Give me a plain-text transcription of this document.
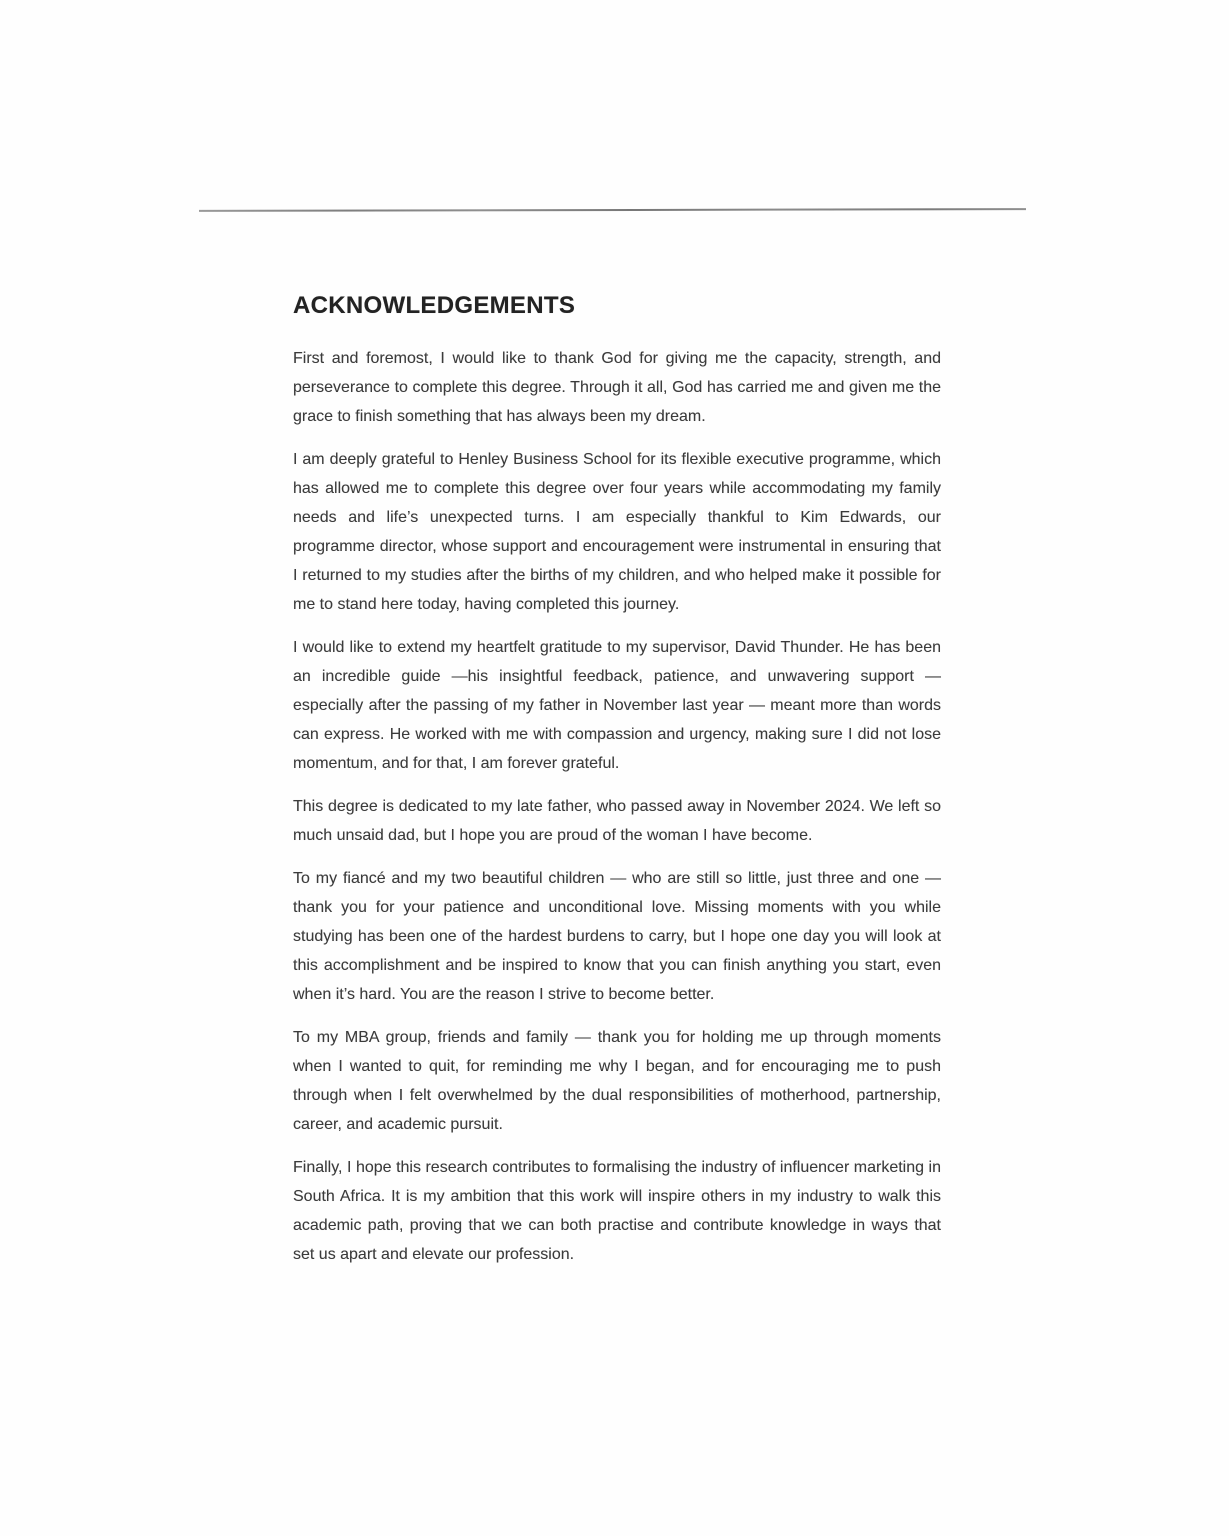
ACKNOWLEDGEMENTS

First and foremost, I would like to thank God for giving me the capacity, strength, and perseverance to complete this degree. Through it all, God has carried me and given me the grace to finish something that has always been my dream.

I am deeply grateful to Henley Business School for its flexible executive programme, which has allowed me to complete this degree over four years while accommodating my family needs and life’s unexpected turns. I am especially thankful to Kim Edwards, our programme director, whose support and encouragement were instrumental in ensuring that I returned to my studies after the births of my children, and who helped make it possible for me to stand here today, having completed this journey.

I would like to extend my heartfelt gratitude to my supervisor, David Thunder. He has been an incredible guide —his insightful feedback, patience, and unwavering support — especially after the passing of my father in November last year — meant more than words can express. He worked with me with compassion and urgency, making sure I did not lose momentum, and for that, I am forever grateful.

This degree is dedicated to my late father, who passed away in November 2024. We left so much unsaid dad, but I hope you are proud of the woman I have become.

To my fiancé and my two beautiful children — who are still so little, just three and one — thank you for your patience and unconditional love. Missing moments with you while studying has been one of the hardest burdens to carry, but I hope one day you will look at this accomplishment and be inspired to know that you can finish anything you start, even when it’s hard. You are the reason I strive to become better.

To my MBA group, friends and family — thank you for holding me up through moments when I wanted to quit, for reminding me why I began, and for encouraging me to push through when I felt overwhelmed by the dual responsibilities of motherhood, partnership, career, and academic pursuit.

Finally, I hope this research contributes to formalising the industry of influencer marketing in South Africa. It is my ambition that this work will inspire others in my industry to walk this academic path, proving that we can both practise and contribute knowledge in ways that set us apart and elevate our profession.
